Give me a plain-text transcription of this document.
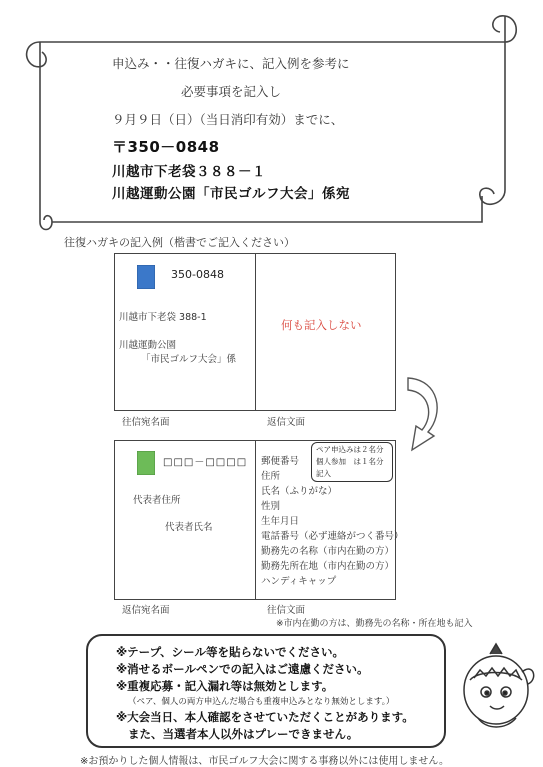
申込み・・往復ハガキに、記入例を参考に
必要事項を記入し
９月９日（日）（当日消印有効）までに、
〒350－0848
川越市下老袋３８８－１
川越運動公園「市民ゴルフ大会」係宛
往復ハガキの記入例（楷書でご記入ください）
350-0848
川越市下老袋 388-1
川越運動公園
「市民ゴルフ大会」係
何も記入しない
往信宛名面	返信文面
□□□－□□□□
代表者住所
代表者氏名
郵便番号
住所
氏名（ふりがな）
性別
生年月日
電話番号（必ず連絡がつく番号）
勤務先の名称（市内在勤の方）
勤務先所在地（市内在勤の方）
ハンディキャップ
ペア申込みは２名分
個人参加　は１名分
記入
返信宛名面	往信文面
※市内在勤の方は、勤務先の名称・所在地も記入
※テープ、シール等を貼らないでください。
※消せるボールペンでの記入はご遠慮ください。
※重複応募・記入漏れ等は無効とします。
（ペア、個人の両方申込んだ場合も重複申込みとなり無効とします。）
※大会当日、本人確認をさせていただくことがあります。
また、当選者本人以外はプレーできません。
※お預かりした個人情報は、市民ゴルフ大会に関する事務以外には使用しません。
